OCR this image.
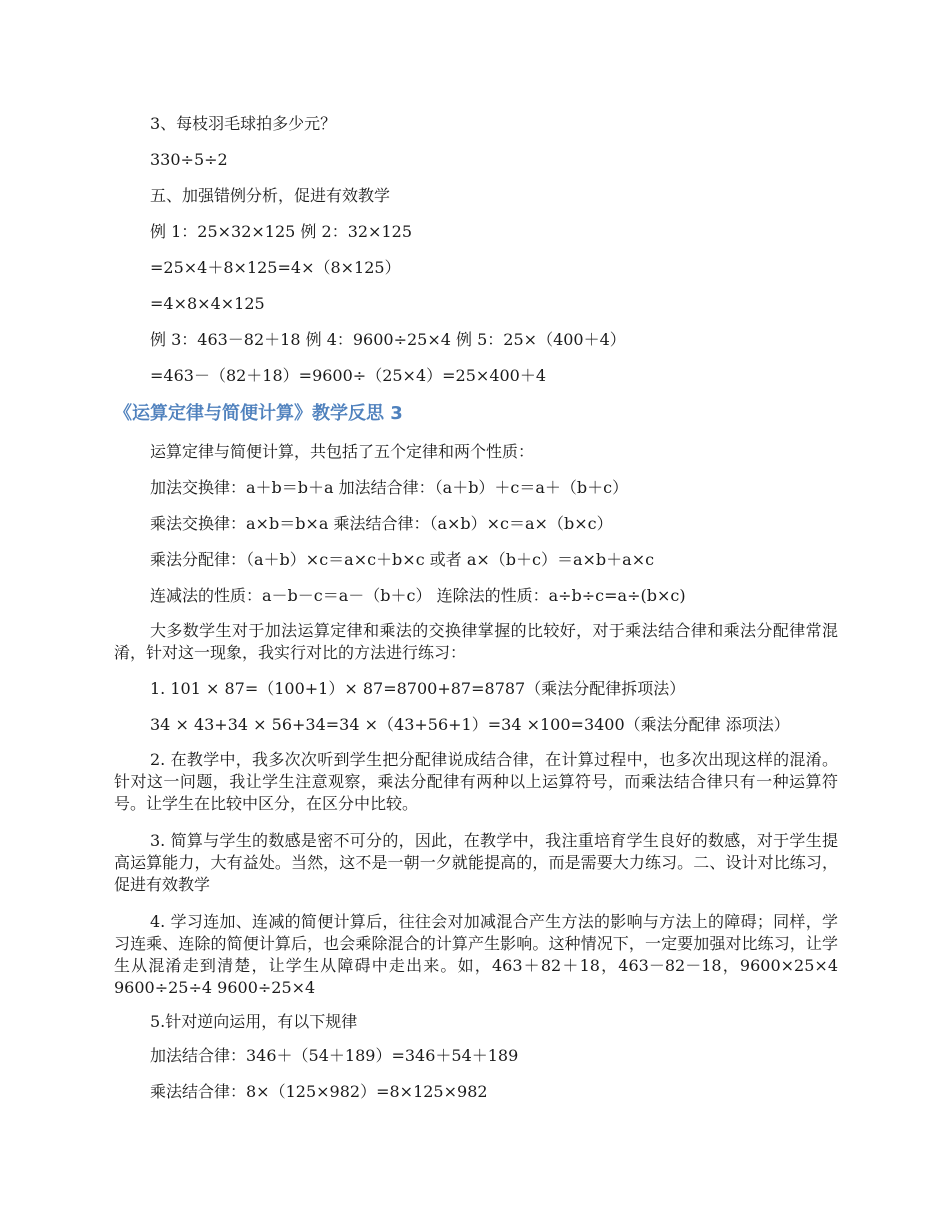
3、每枝羽毛球拍多少元？
330÷5÷2
五、加强错例分析，促进有效教学
例 1：25×32×125 例 2：32×125
=25×4＋8×125=4×（8×125）
=4×8×4×125
例 3：463－82＋18 例 4：9600÷25×4 例 5：25×（400＋4）
=463－（82＋18）=9600÷（25×4）=25×400＋4
《运算定律与简便计算》教学反思 3
运算定律与简便计算，共包括了五个定律和两个性质：
加法交换律：a＋b＝b＋a 加法结合律：（a＋b）＋c＝a＋（b＋c）
乘法交换律：a×b＝b×a 乘法结合律：（a×b）×c＝a×（b×c）
乘法分配律：（a＋b）×c＝a×c＋b×c 或者 a×（b＋c）＝a×b＋a×c
连减法的性质：a－b－c＝a－（b＋c） 连除法的性质：a÷b÷c=a÷(b×c)
大多数学生对于加法运算定律和乘法的交换律掌握的比较好，对于乘法结合律和乘法分配律常混淆，针对这一现象，我实行对比的方法进行练习：
1. 101 × 87=（100+1）× 87=8700+87=8787（乘法分配律拆项法）
34 × 43+34 × 56+34=34 ×（43+56+1）=34 ×100=3400（乘法分配律 添项法）
2. 在教学中，我多次次听到学生把分配律说成结合律，在计算过程中，也多次出现这样的混淆。针对这一问题，我让学生注意观察，乘法分配律有两种以上运算符号，而乘法结合律只有一种运算符号。让学生在比较中区分，在区分中比较。
3. 简算与学生的数感是密不可分的，因此，在教学中，我注重培育学生良好的数感，对于学生提高运算能力，大有益处。当然，这不是一朝一夕就能提高的，而是需要大力练习。二、设计对比练习，促进有效教学
4. 学习连加、连减的简便计算后，往往会对加减混合产生方法的影响与方法上的障碍；同样，学习连乘、连除的简便计算后，也会乘除混合的计算产生影响。这种情况下，一定要加强对比练习，让学生从混淆走到清楚，让学生从障碍中走出来。如，463＋82＋18，463－82－18，9600×25×4 9600÷25÷4 9600÷25×4
5.针对逆向运用，有以下规律
加法结合律：346＋（54＋189）=346＋54＋189
乘法结合律：8×（125×982）=8×125×982
